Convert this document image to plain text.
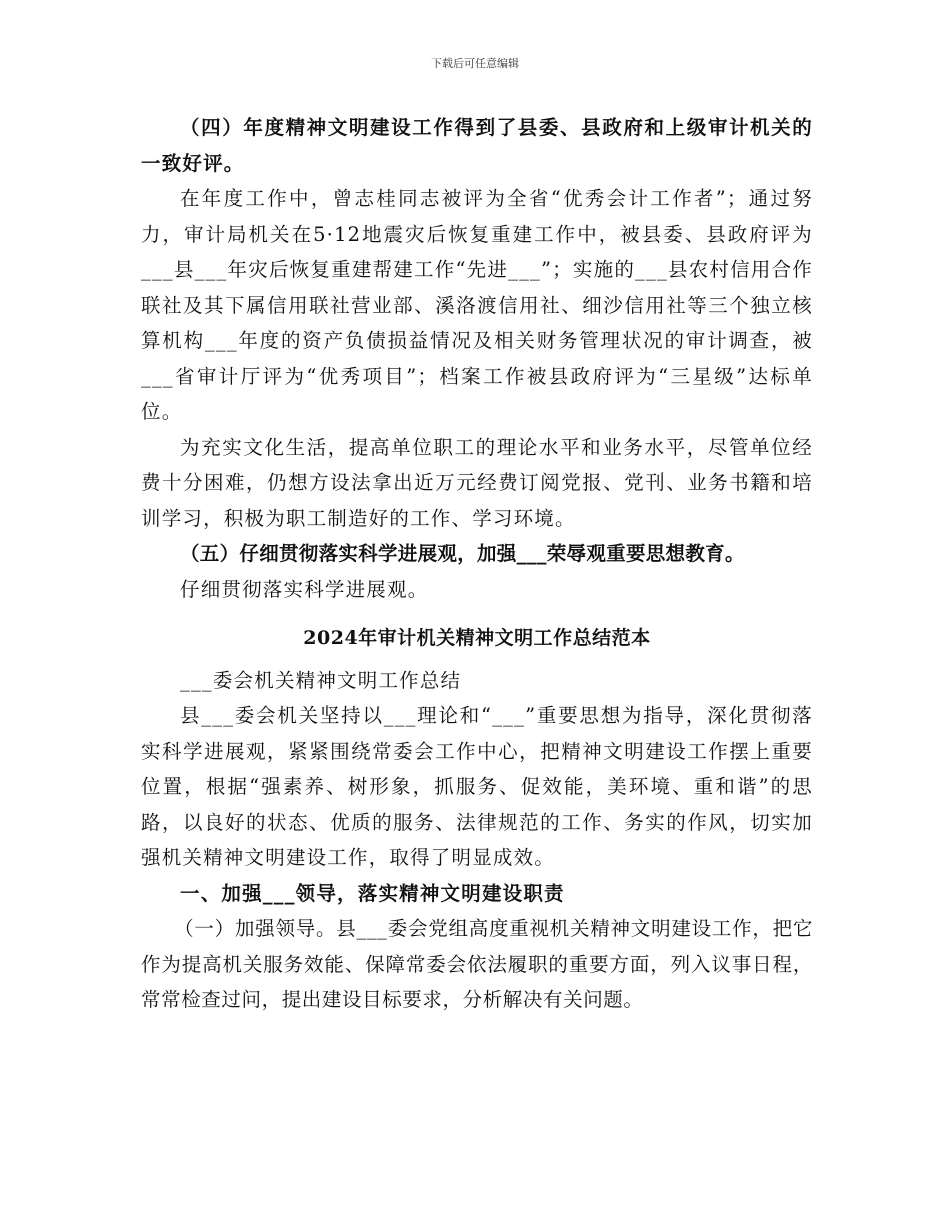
下载后可任意编辑

（四）年度精神文明建设工作得到了县委、县政府和上级审计机关的一致好评。

在年度工作中，曾志桂同志被评为全省“优秀会计工作者”；通过努力，审计局机关在5·12地震灾后恢复重建工作中，被县委、县政府评为___县___年灾后恢复重建帮建工作“先进___”；实施的___县农村信用合作联社及其下属信用联社营业部、溪洛渡信用社、细沙信用社等三个独立核算机构___年度的资产负债损益情况及相关财务管理状况的审计调查，被___省审计厅评为“优秀项目”；档案工作被县政府评为“三星级”达标单位。

为充实文化生活，提高单位职工的理论水平和业务水平，尽管单位经费十分困难，仍想方设法拿出近万元经费订阅党报、党刊、业务书籍和培训学习，积极为职工制造好的工作、学习环境。

（五）仔细贯彻落实科学进展观，加强___荣辱观重要思想教育。

仔细贯彻落实科学进展观。

2024年审计机关精神文明工作总结范本

___委会机关精神文明工作总结

县___委会机关坚持以___理论和“___”重要思想为指导，深化贯彻落实科学进展观，紧紧围绕常委会工作中心，把精神文明建设工作摆上重要位置，根据“强素养、树形象，抓服务、促效能，美环境、重和谐”的思路，以良好的状态、优质的服务、法律规范的工作、务实的作风，切实加强机关精神文明建设工作，取得了明显成效。

一、加强___领导，落实精神文明建设职责

（一）加强领导。县___委会党组高度重视机关精神文明建设工作，把它作为提高机关服务效能、保障常委会依法履职的重要方面，列入议事日程，常常检查过问，提出建设目标要求，分析解决有关问题。
